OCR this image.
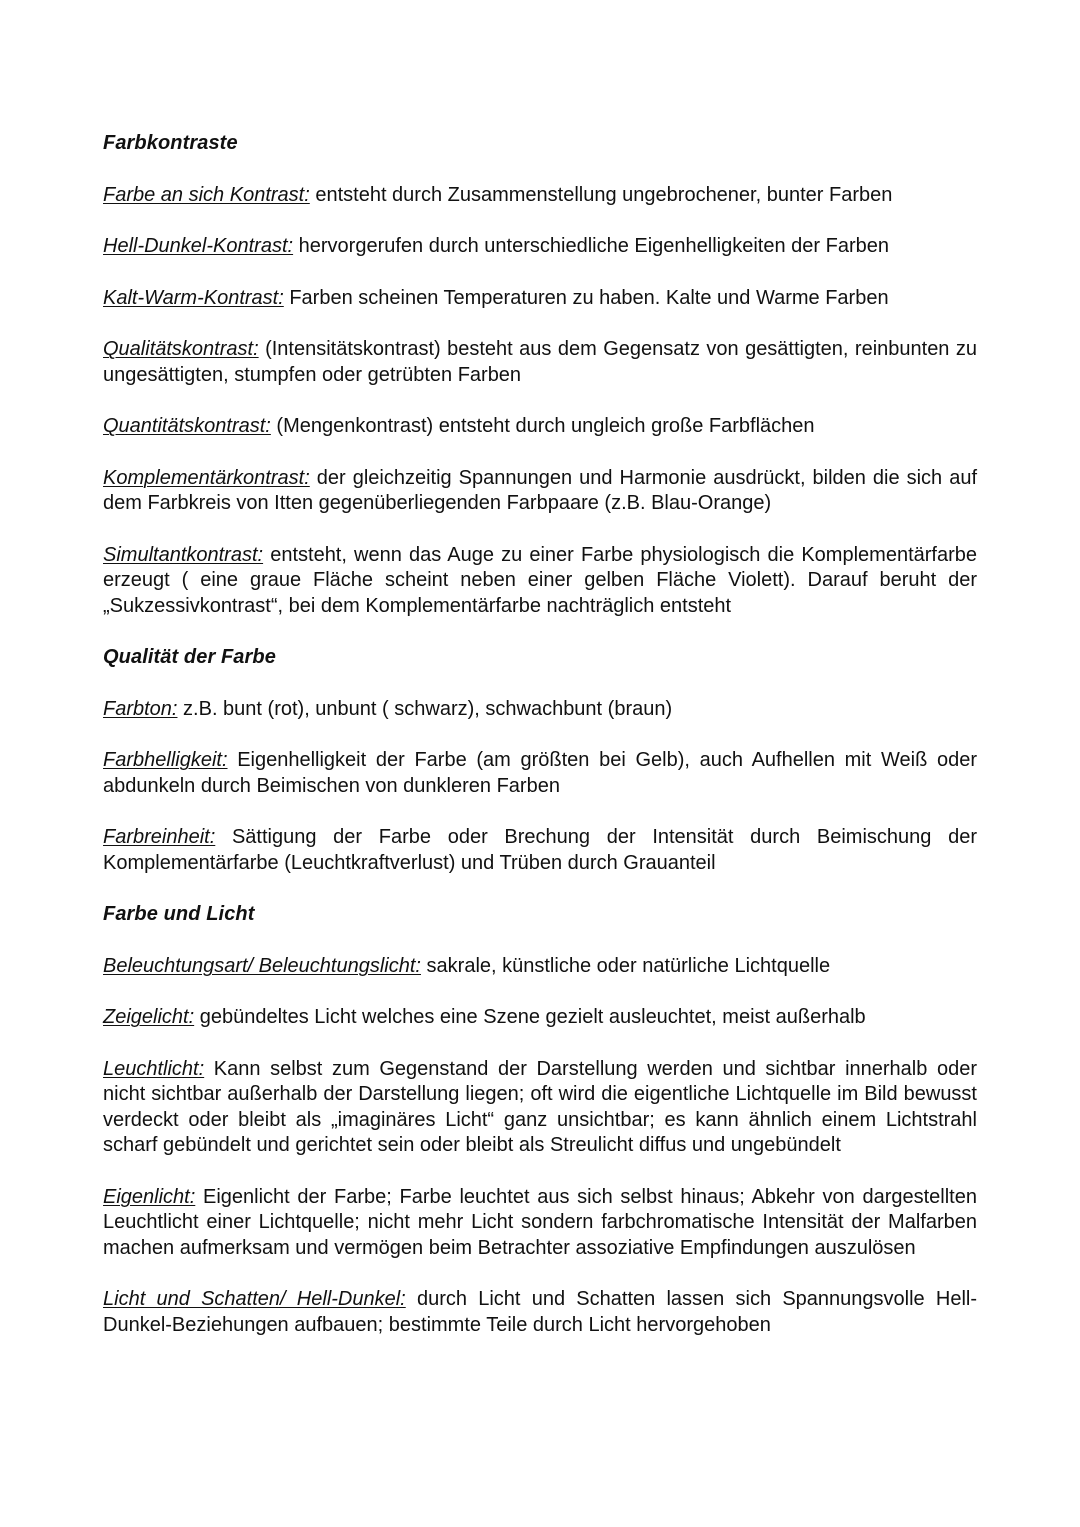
Farbkontraste
Farbe an sich Kontrast: entsteht durch Zusammenstellung ungebrochener, bunter Farben
Hell-Dunkel-Kontrast: hervorgerufen durch unterschiedliche Eigenhelligkeiten der Farben
Kalt-Warm-Kontrast: Farben scheinen Temperaturen zu haben. Kalte und Warme Farben
Qualitätskontrast: (Intensitätskontrast) besteht aus dem Gegensatz von gesättigten, reinbunten zu ungesättigten, stumpfen oder getrübten Farben
Quantitätskontrast: (Mengenkontrast) entsteht durch ungleich große Farbflächen
Komplementärkontrast: der gleichzeitig Spannungen und Harmonie ausdrückt, bilden die sich auf dem Farbkreis von Itten gegenüberliegenden Farbpaare (z.B. Blau-Orange)
Simultantkontrast: entsteht, wenn das Auge zu einer Farbe physiologisch die Komplementärfarbe erzeugt ( eine graue Fläche scheint neben einer gelben Fläche Violett). Darauf beruht der „Sukzessivkontrast“, bei dem Komplementärfarbe nachträglich entsteht
Qualität der Farbe
Farbton: z.B. bunt (rot), unbunt ( schwarz), schwachbunt (braun)
Farbhelligkeit: Eigenhelligkeit der Farbe (am größten bei Gelb), auch Aufhellen mit Weiß oder abdunkeln durch Beimischen von dunkleren Farben
Farbreinheit: Sättigung der Farbe oder Brechung der Intensität durch Beimischung der Komplementärfarbe (Leuchtkraftverlust) und Trüben durch Grauanteil
Farbe und Licht
Beleuchtungsart/ Beleuchtungslicht: sakrale, künstliche oder natürliche Lichtquelle
Zeigelicht: gebündeltes Licht welches eine Szene gezielt ausleuchtet, meist außerhalb
Leuchtlicht: Kann selbst zum Gegenstand der Darstellung werden und sichtbar innerhalb oder nicht sichtbar außerhalb der Darstellung liegen; oft wird die eigentliche Lichtquelle im Bild bewusst verdeckt oder bleibt als „imaginäres Licht“ ganz unsichtbar; es kann ähnlich einem Lichtstrahl scharf gebündelt und gerichtet sein oder bleibt als Streulicht diffus und ungebündelt
Eigenlicht: Eigenlicht der Farbe; Farbe leuchtet aus sich selbst hinaus; Abkehr von dargestellten Leuchtlicht einer Lichtquelle; nicht mehr Licht sondern farbchromatische Intensität der Malfarben machen aufmerksam und vermögen beim Betrachter assoziative Empfindungen auszulösen
Licht und Schatten/ Hell-Dunkel: durch Licht und Schatten lassen sich Spannungsvolle Hell-Dunkel-Beziehungen aufbauen; bestimmte Teile durch Licht hervorgehoben
